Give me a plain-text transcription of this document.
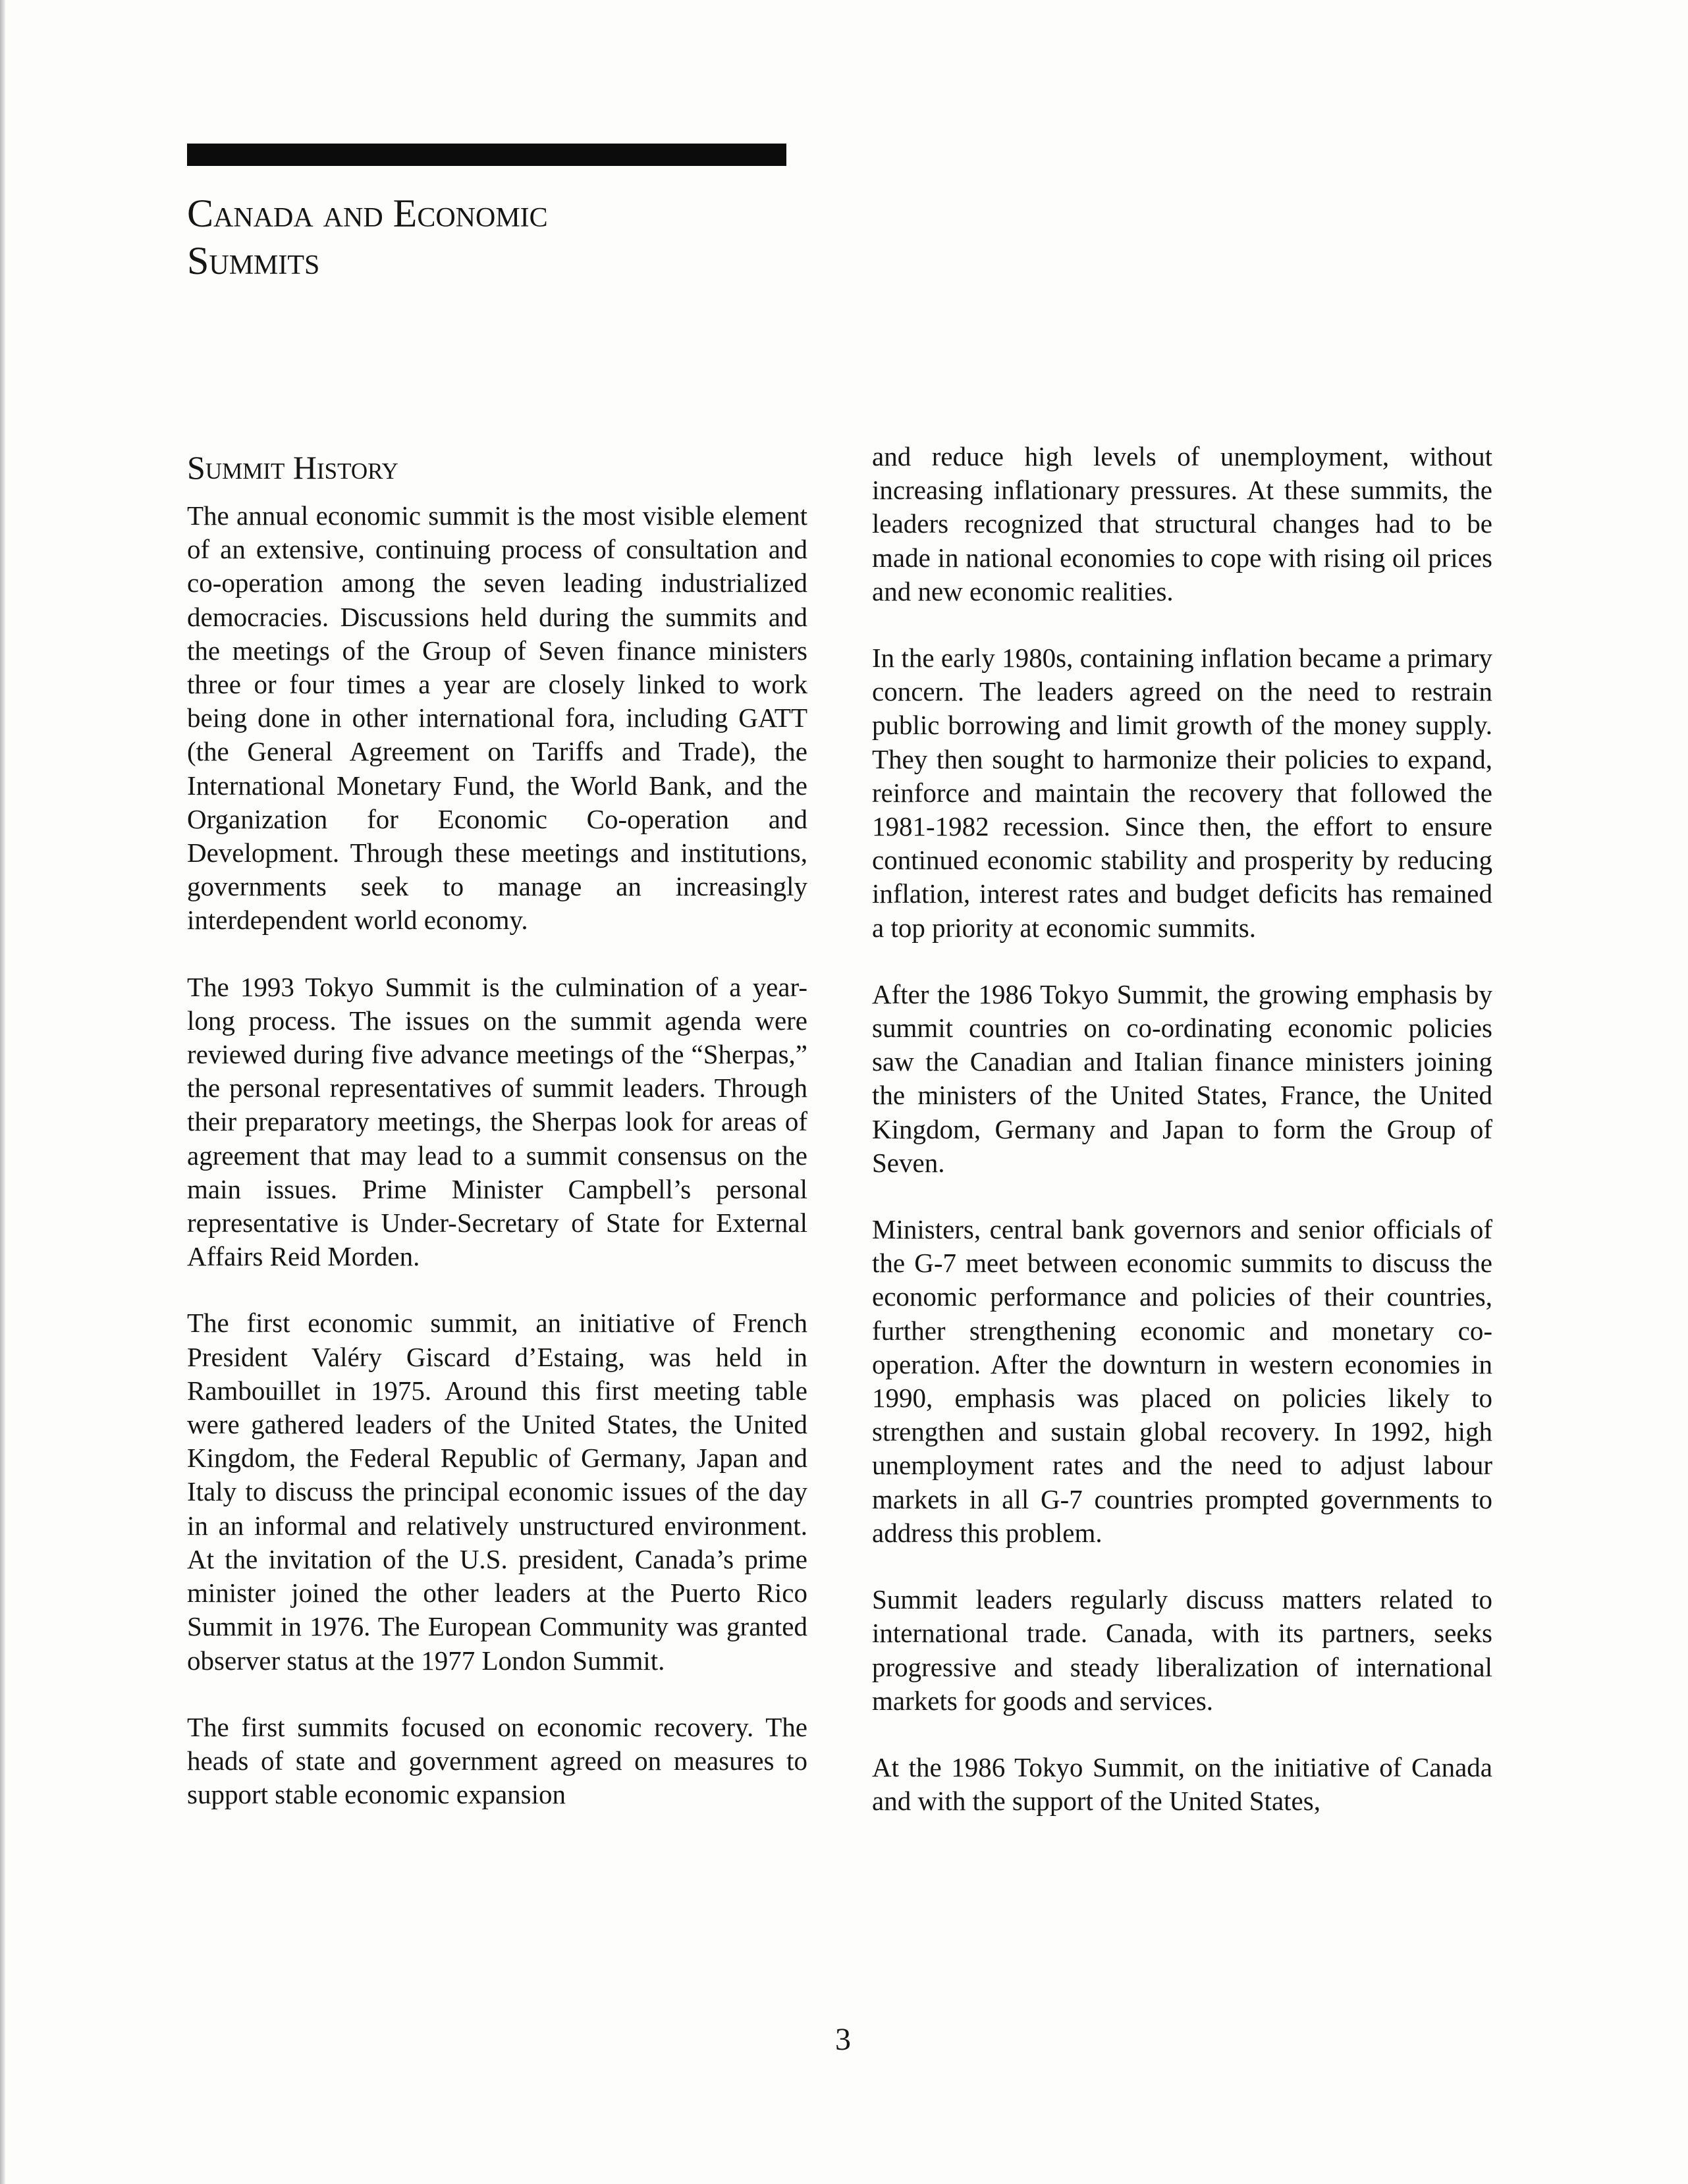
Canada and Economic
Summits
Summit History

The annual economic summit is the most visible element of an extensive, continuing process of consultation and co-operation among the seven leading industrialized democracies. Discussions held during the summits and the meetings of the Group of Seven finance ministers three or four times a year are closely linked to work being done in other international fora, including GATT (the General Agreement on Tariffs and Trade), the International Monetary Fund, the World Bank, and the Organization for Economic Co-operation and Development. Through these meetings and institutions, governments seek to manage an increasingly interdependent world economy.

The 1993 Tokyo Summit is the culmination of a year-long process. The issues on the summit agenda were reviewed during five advance meetings of the “Sherpas,” the personal representatives of summit leaders. Through their preparatory meetings, the Sherpas look for areas of agreement that may lead to a summit consensus on the main issues. Prime Minister Campbell’s personal representative is Under-Secretary of State for External Affairs Reid Morden.

The first economic summit, an initiative of French President Valéry Giscard d’Estaing, was held in Rambouillet in 1975. Around this first meeting table were gathered leaders of the United States, the United Kingdom, the Federal Republic of Germany, Japan and Italy to discuss the principal economic issues of the day in an informal and relatively unstructured environment. At the invitation of the U.S. president, Canada’s prime minister joined the other leaders at the Puerto Rico Summit in 1976. The European Community was granted observer status at the 1977 London Summit.

The first summits focused on economic recovery. The heads of state and government agreed on measures to support stable economic expansion

and reduce high levels of unemployment, without increasing inflationary pressures. At these summits, the leaders recognized that structural changes had to be made in national economies to cope with rising oil prices and new economic realities.

In the early 1980s, containing inflation became a primary concern. The leaders agreed on the need to restrain public borrowing and limit growth of the money supply. They then sought to harmonize their policies to expand, reinforce and maintain the recovery that followed the 1981-1982 recession. Since then, the effort to ensure continued economic stability and prosperity by reducing inflation, interest rates and budget deficits has remained a top priority at economic summits.

After the 1986 Tokyo Summit, the growing emphasis by summit countries on co-ordinating economic policies saw the Canadian and Italian finance ministers joining the ministers of the United States, France, the United Kingdom, Germany and Japan to form the Group of Seven.

Ministers, central bank governors and senior officials of the G-7 meet between economic summits to discuss the economic performance and policies of their countries, further strengthening economic and monetary co-operation. After the downturn in western economies in 1990, emphasis was placed on policies likely to strengthen and sustain global recovery. In 1992, high unemployment rates and the need to adjust labour markets in all G-7 countries prompted governments to address this problem.

Summit leaders regularly discuss matters related to international trade. Canada, with its partners, seeks progressive and steady liberalization of international markets for goods and services.

At the 1986 Tokyo Summit, on the initiative of Canada and with the support of the United States,

3
